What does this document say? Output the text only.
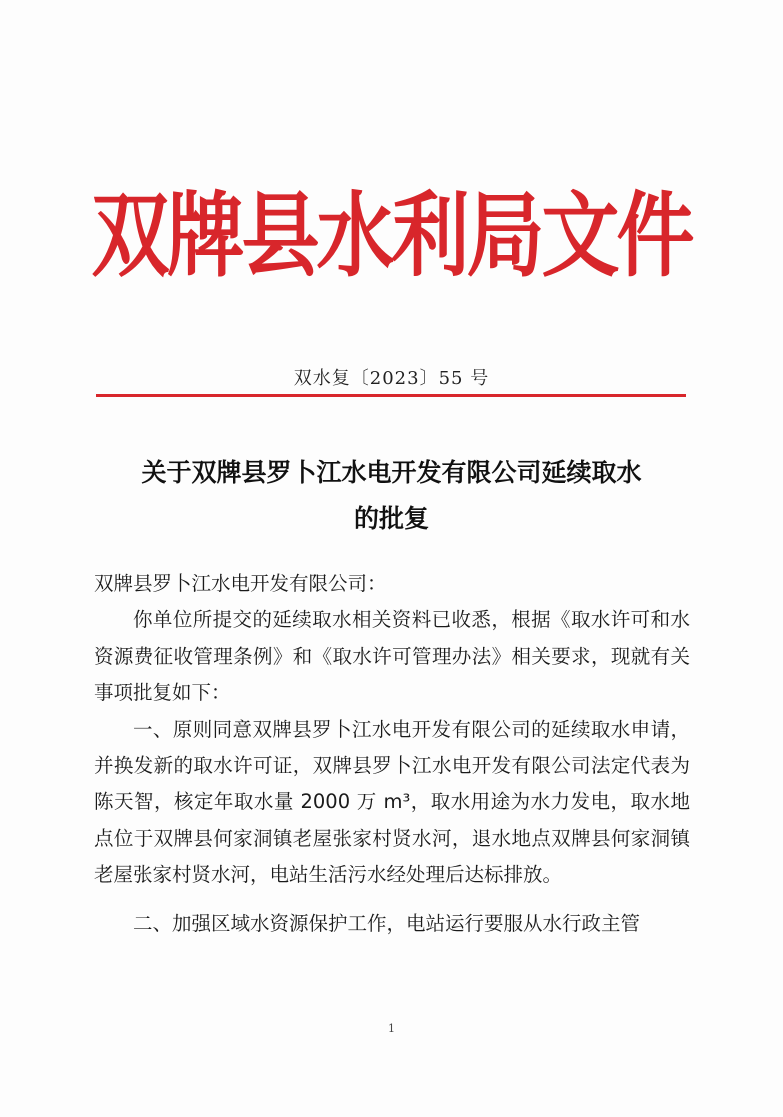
双牌县水利局文件
双水复〔2023〕55 号
关于双牌县罗卜江水电开发有限公司延续取水
的批复

双牌县罗卜江水电开发有限公司：

你单位所提交的延续取水相关资料已收悉，根据《取水许可和水资源费征收管理条例》和《取水许可管理办法》相关要求，现就有关事项批复如下：

一、原则同意双牌县罗卜江水电开发有限公司的延续取水申请，并换发新的取水许可证，双牌县罗卜江水电开发有限公司法定代表为陈天智，核定年取水量 2000 万 m³，取水用途为水力发电，取水地点位于双牌县何家洞镇老屋张家村贤水河，退水地点双牌县何家洞镇老屋张家村贤水河，电站生活污水经处理后达标排放。

二、加强区域水资源保护工作，电站运行要服从水行政主管

1
